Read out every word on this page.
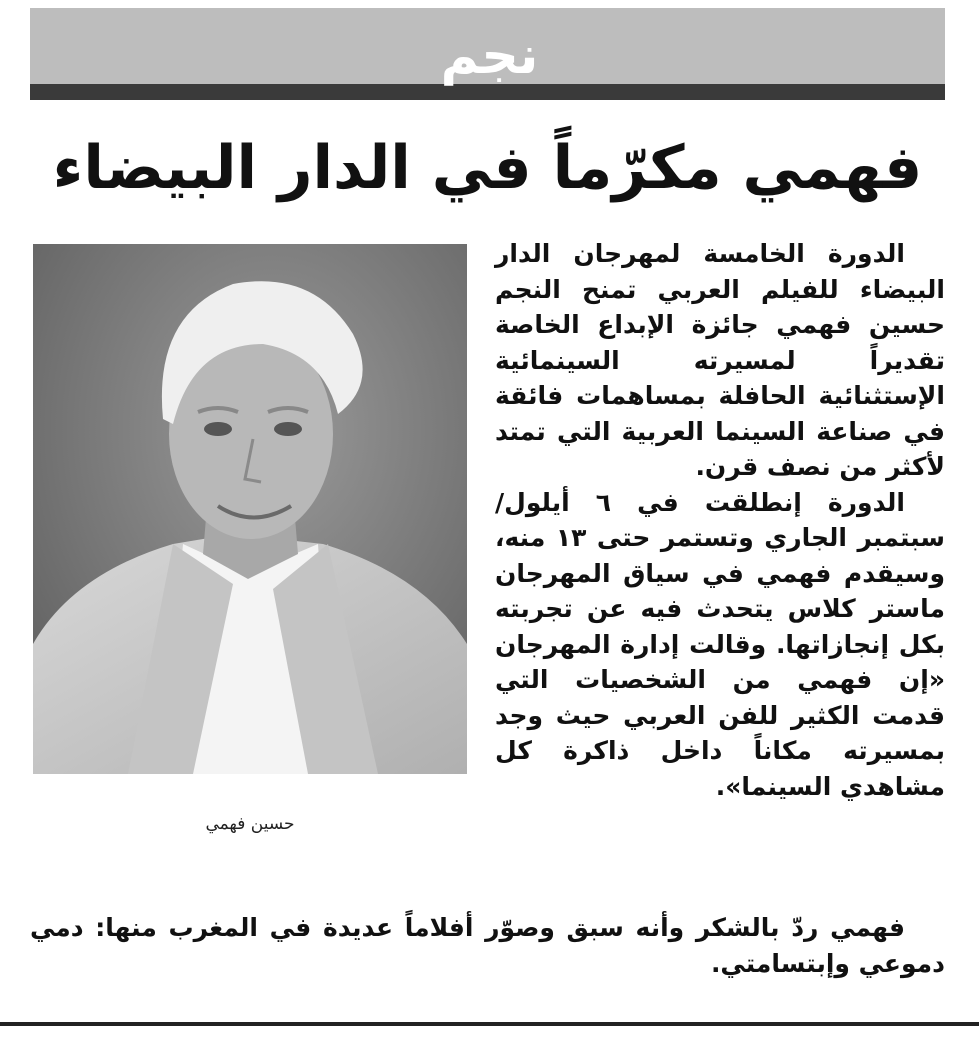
نجم
فهمي مكرّماً في الدار البيضاء
حسين فهمي

الدورة الخامسة لمهرجان الدار البيضاء للفيلم العربي تمنح النجم حسين فهمي جائزة الإبداع الخاصة تقديراً لمسيرته السينمائية الإستثنائية الحافلة بمساهمات فائقة في صناعة السينما العربية التي تمتد لأكثر من نصف قرن.

الدورة إنطلقت في ٦ أيلول/ سبتمبر الجاري وتستمر حتى ١٣ منه، وسيقدم فهمي في سياق المهرجان ماستر كلاس يتحدث فيه عن تجربته بكل إنجازاتها. وقالت إدارة المهرجان «إن فهمي من الشخصيات التي قدمت الكثير للفن العربي حيث وجد بمسيرته مكاناً داخل ذاكرة كل مشاهدي السينما».

فهمي ردّ بالشكر وأنه سبق وصوّر أفلاماً عديدة في المغرب منها: دمي دموعي وإبتسامتي.
